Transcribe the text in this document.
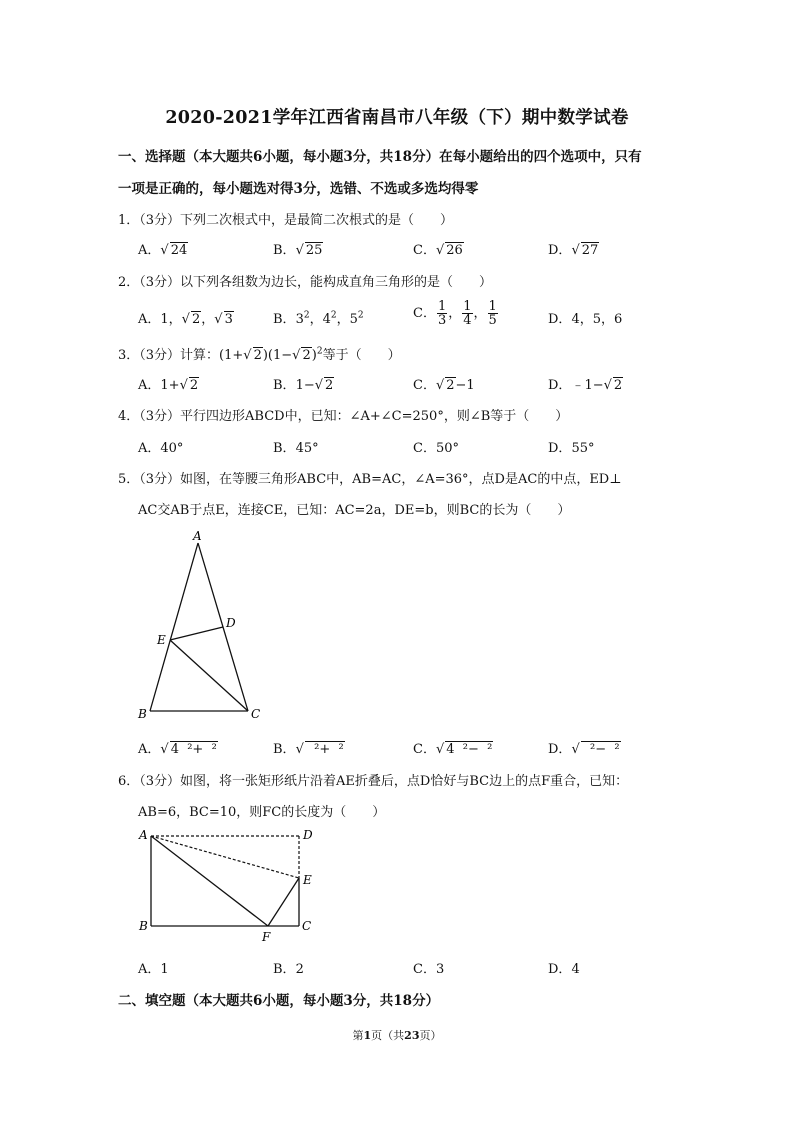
2020-2021学年江西省南昌市八年级（下）期中数学试卷
一、选择题（本大题共6小题，每小题3分，共18分）在每小题给出的四个选项中，只有
一项是正确的，每小题选对得3分，选错、不选或多选均得零
1．（3分）下列二次根式中，是最简二次根式的是（　　）
A．√ 24	B．√ 25	C．√ 26	D．√ 27
2．（3分）以下列各组数为边长，能构成直角三角形的是（　　）
A．1，√ 2，√ 3	B．$3^2$，$4^2$，$5^2$	C． $\frac{1}{3}$ ， $\frac{1}{4}$ ， $\frac{1}{5}$	D．4，5，6
3．（3分）计算：(1+√ 2)(1−√ 2)$^2$等于（　　）
A．1+√ 2	B．1−√ 2	C．√ 2−1	D．﹣1−√ 2
4．（3分）平行四边形ABCD中，已知：∠A+∠C=250°，则∠B等于（　　）
A．40°	B．45°	C．50°	D．55°
5．（3分）如图，在等腰三角形ABC中，AB=AC，∠A=36°，点D是AC的中点，ED⊥
AC交AB于点E，连接CE，已知：AC=2a，DE=b，则BC的长为（　　）
A
B	C
D
E
A．√ 4  ²+  ²	B．√  ²+  ²	C．√ 4  ²−  ²	D．√  ²−  ²
6．（3分）如图，将一张矩形纸片沿着AE折叠后，点D恰好与BC边上的点F重合，已知：
AB=6，BC=10，则FC的长度为（　　）
A
B	C
D
E
F
A．1	B．2	C．3	D．4
二、填空题（本大题共6小题，每小题3分，共18分）
第1页（共23页）
